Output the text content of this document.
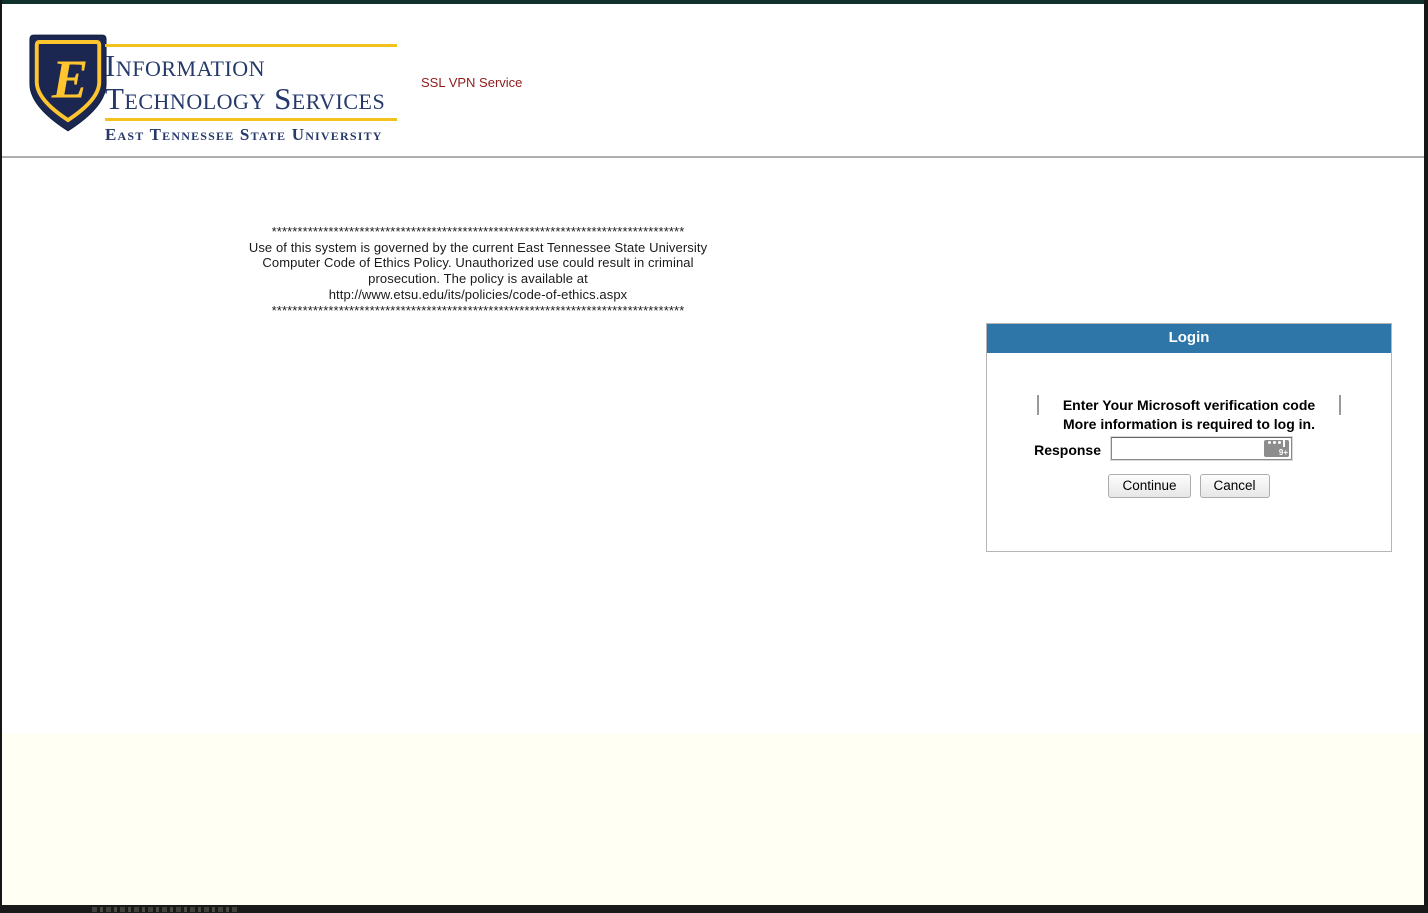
E Information
Technology Services
East Tennessee State University
SSL VPN Service
********************************************************************************
Use of this system is governed by the current East Tennessee State University
Computer Code of Ethics Policy. Unauthorized use could result in criminal
prosecution. The policy is available at
http://www.etsu.edu/its/policies/code-of-ethics.aspx
********************************************************************************
Login
Enter Your Microsoft verification code
More information is required to log in.
Response	9+
Continue	Cancel
